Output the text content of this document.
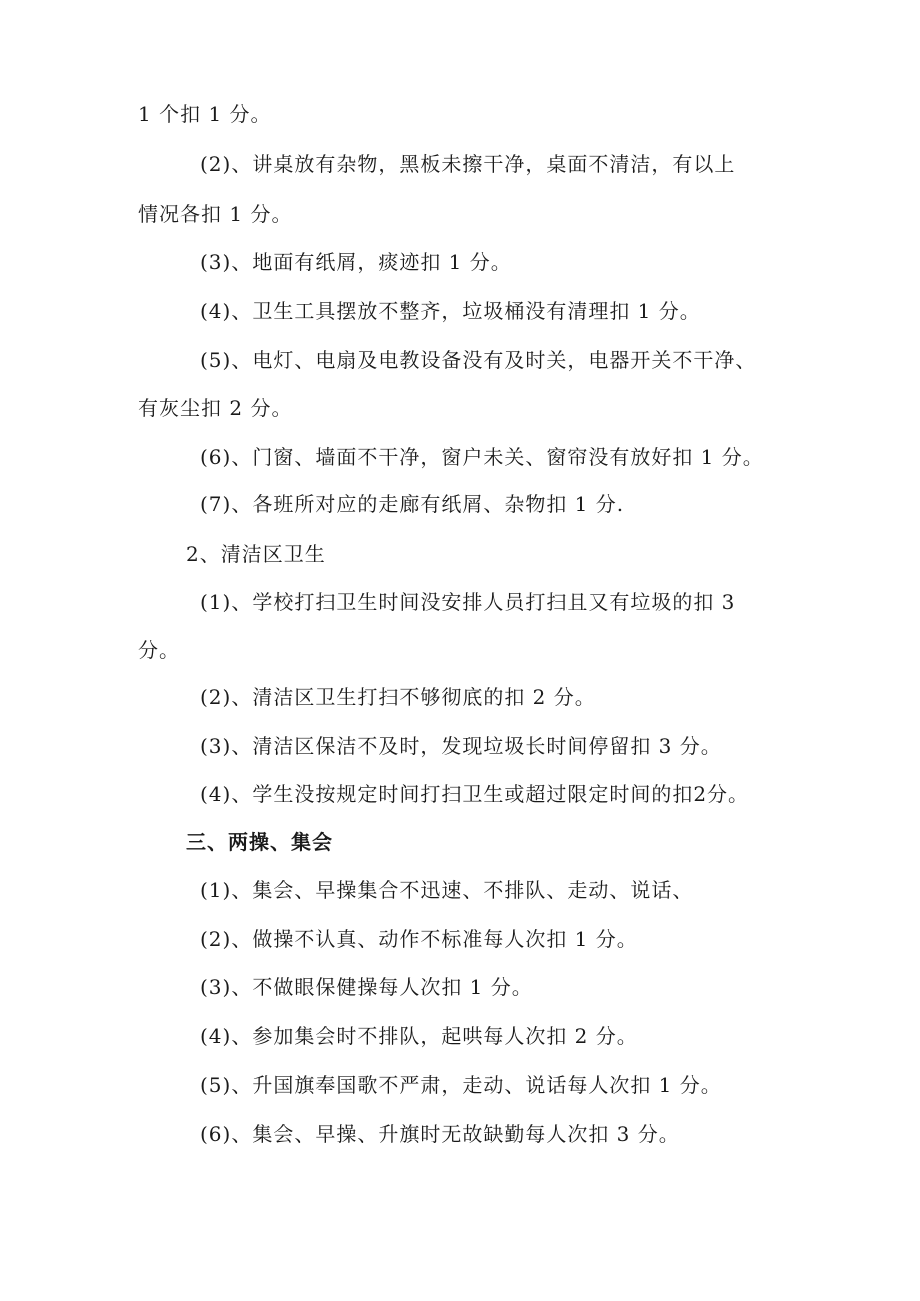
1 个扣 1 分。
(2)、讲桌放有杂物，黑板未擦干净，桌面不清洁，有以上
情况各扣 1 分。
(3)、地面有纸屑，痰迹扣 1 分。
(4)、卫生工具摆放不整齐，垃圾桶没有清理扣 1 分。
(5)、电灯、电扇及电教设备没有及时关，电器开关不干净、
有灰尘扣 2 分。
(6)、门窗、墙面不干净，窗户未关、窗帘没有放好扣 1 分。
(7)、各班所对应的走廊有纸屑、杂物扣 1 分.
2、清洁区卫生
(1)、学校打扫卫生时间没安排人员打扫且又有垃圾的扣 3
分。
(2)、清洁区卫生打扫不够彻底的扣 2 分。
(3)、清洁区保洁不及时，发现垃圾长时间停留扣 3 分。
(4)、学生没按规定时间打扫卫生或超过限定时间的扣2分。
三、两操、集会
(1)、集会、早操集合不迅速、不排队、走动、说话、
(2)、做操不认真、动作不标准每人次扣 1 分。
(3)、不做眼保健操每人次扣 1 分。
(4)、参加集会时不排队，起哄每人次扣 2 分。
(5)、升国旗奉国歌不严肃，走动、说话每人次扣 1 分。
(6)、集会、早操、升旗时无故缺勤每人次扣 3 分。
